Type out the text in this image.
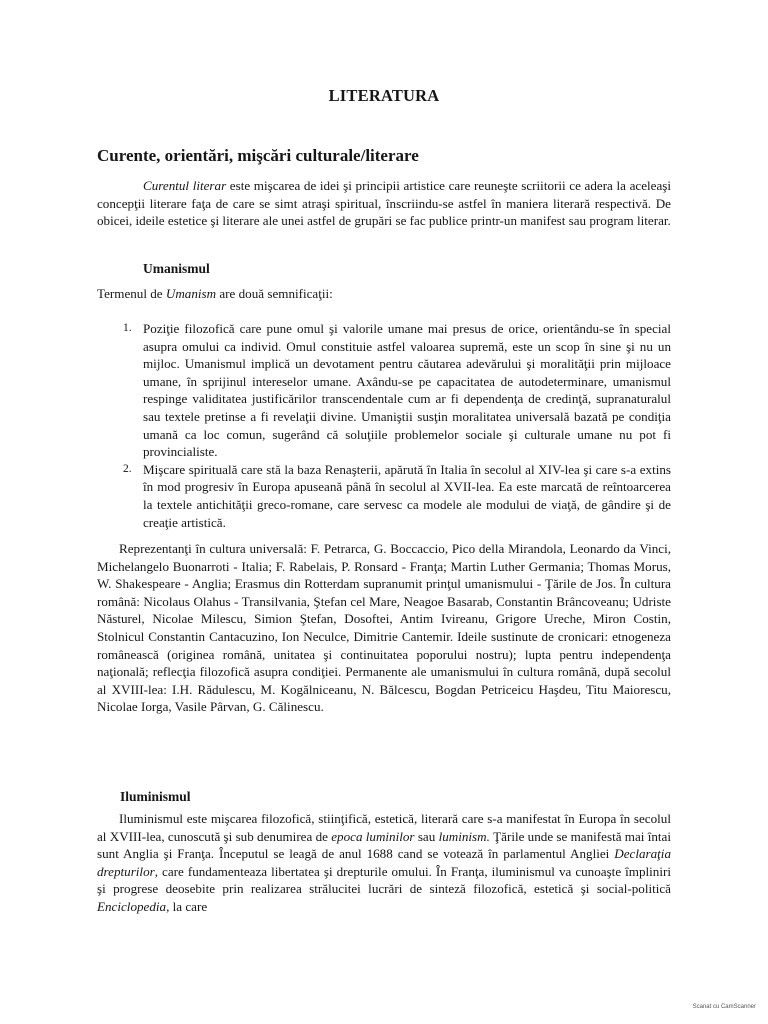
LITERATURA
Curente, orientări, mişcări culturale/literare

Curentul literar este mişcarea de idei şi principii artistice care reuneşte scriitorii ce adera la aceleaşi concepţii literare faţa de care se simt atraşi spiritual, înscriindu-se astfel în maniera literară respectivă. De obicei, ideile estetice şi literare ale unei astfel de grupări se fac publice printr-un manifest sau program literar.

Umanismul

Termenul de Umanism are două semnificaţii:

1. Poziţie filozofică care pune omul şi valorile umane mai presus de orice, orientându-se în special asupra omului ca individ. Omul constituie astfel valoarea supremă, este un scop în sine şi nu un mijloc. Umanismul implică un devotament pentru căutarea adevărului şi moralităţii prin mijloace umane, în sprijinul intereselor umane. Axându-se pe capacitatea de autodeterminare, umanismul respinge validitatea justificărilor transcendentale cum ar fi dependenţa de credinţă, supranaturalul sau textele pretinse a fi revelaţii divine. Umaniştii susţin moralitatea universală bazată pe condiţia umană ca loc comun, sugerând că soluţiile problemelor sociale şi culturale umane nu pot fi provincialiste.
2. Mişcare spirituală care stă la baza Renaşterii, apărută în Italia în secolul al XIV-lea şi care s-a extins în mod progresiv în Europa apuseană până în secolul al XVII-lea. Ea este marcată de reîntoarcerea la textele antichităţii greco-romane, care servesc ca modele ale modului de viaţă, de gândire şi de creaţie artistică.

Reprezentanţi în cultura universală: F. Petrarca, G. Boccaccio, Pico della Mirandola, Leonardo da Vinci, Michelangelo Buonarroti - Italia; F. Rabelais, P. Ronsard - Franţa; Martin Luther Germania; Thomas Morus, W. Shakespeare - Anglia; Erasmus din Rotterdam supranumit prinţul umanismului - Ţările de Jos. În cultura română: Nicolaus Olahus - Transilvania, Ştefan cel Mare, Neagoe Basarab, Constantin Brâncoveanu; Udriste Năsturel, Nicolae Milescu, Simion Ştefan, Dosoftei, Antim Ivireanu, Grigore Ureche, Miron Costin, Stolnicul Constantin Cantacuzino, Ion Neculce, Dimitrie Cantemir. Ideile sustinute de cronicari: etnogeneza românească (originea română, unitatea şi continuitatea poporului nostru); lupta pentru independenţa naţională; reflecţia filozofică asupra condiţiei. Permanente ale umanismului în cultura română, după secolul al XVIII-lea: I.H. Rădulescu, M. Kogălniceanu, N. Bălcescu, Bogdan Petriceicu Haşdeu, Titu Maiorescu, Nicolae Iorga, Vasile Pârvan, G. Călinescu.

Iluminismul

Iluminismul este mişcarea filozofică, stiinţifică, estetică, literară care s-a manifestat în Europa în secolul al XVIII-lea, cunoscută şi sub denumirea de epoca luminilor sau luminism. Ţările unde se manifestă mai întai sunt Anglia şi Franţa. Începutul se leagă de anul 1688 cand se votează în parlamentul Angliei Declaraţia drepturilor, care fundamenteaza libertatea şi drepturile omului. În Franţa, iluminismul va cunoaşte împliniri şi progrese deosebite prin realizarea strălucitei lucrări de sinteză filozofică, estetică şi social-politică Enciclopedia, la care

Scanat cu CamScanner
